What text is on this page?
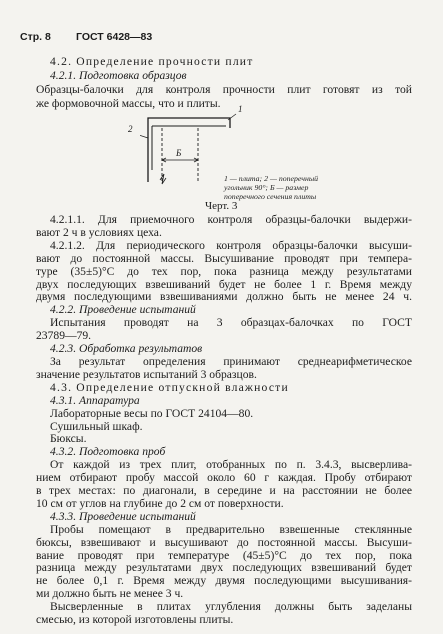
Стр. 8 ГОСТ 6428—83
4.2. Определение прочности плит
4.2.1. Подготовка образцов
Образцы-балочки для контроля прочности плит готовят из той
же формовочной массы, что и плиты.
2
1
Б
1 — плита; 2 — поперечный
угольник 90°; Б — размер
поперечного сечения плиты
Черт. 3
4.2.1.1. Для приемочного контроля образцы-балочки выдержи-
вают 2 ч в условиях цеха.
4.2.1.2. Для периодического контроля образцы-балочки высуши-
вают до постоянной массы. Высушивание проводят при темпера-
туре (35±5)°С до тех пор, пока разница между результатами
двух последующих взвешиваний будет не более 1 г. Время между
двумя последующими взвешиваниями должно быть не менее 24 ч.
4.2.2. Проведение испытаний
Испытания проводят на 3 образцах-балочках по ГОСТ
23789—79.
4.2.3. Обработка результатов
За результат определения принимают среднеарифметическое
значение результатов испытаний 3 образцов.
4.3. Определение отпускной влажности
4.3.1. Аппаратура
Лабораторные весы по ГОСТ 24104—80.
Сушильный шкаф.
Бюксы.
4.3.2. Подготовка проб
От каждой из трех плит, отобранных по п. 3.4.3, высверлива-
нием отбирают пробу массой около 60 г каждая. Пробу отбирают
в трех местах: по диагонали, в середине и на расстоянии не более
10 см от углов на глубине до 2 см от поверхности.
4.3.3. Проведение испытаний
Пробы помещают в предварительно взвешенные стеклянные
бюксы, взвешивают и высушивают до постоянной массы. Высуши-
вание проводят при температуре (45±5)°С до тех пор, пока
разница между результатами двух последующих взвешиваний будет
не более 0,1 г. Время между двумя последующими высушивания-
ми должно быть не менее 3 ч.
Высверленные в плитах углубления должны быть заделаны
смесью, из которой изготовлены плиты.
